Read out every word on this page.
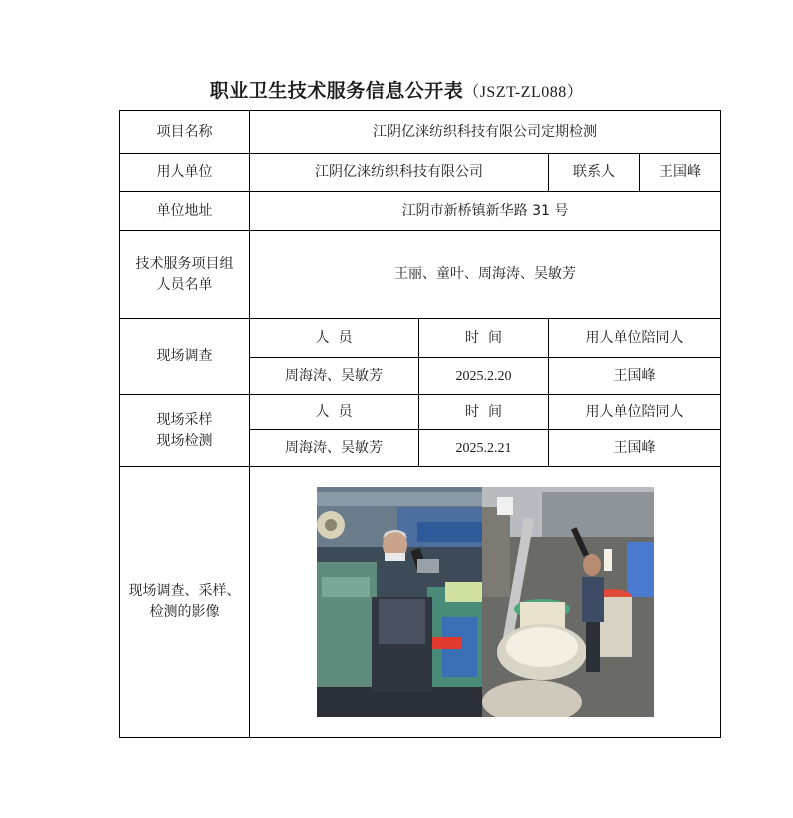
职业卫生技术服务信息公开表（JSZT-ZL088）
项目名称	江阴亿涞纺织科技有限公司定期检测			
用人单位	江阴亿涞纺织科技有限公司		联系人	王国峰
单位地址	江阴市新桥镇新华路 31 号			

技术服务项目组
人员名单	王丽、童叶、周海涛、吴敏芳			
现场调查	人  员	时  间	用人单位陪同人	
	周海涛、吴敏芳	2025.2.20	王国峰	

现场采样
现场检测	人  员	时  间	用人单位陪同人	
	周海涛、吴敏芳	2025.2.21	王国峰	

现场调查、采样、
检测的影像
